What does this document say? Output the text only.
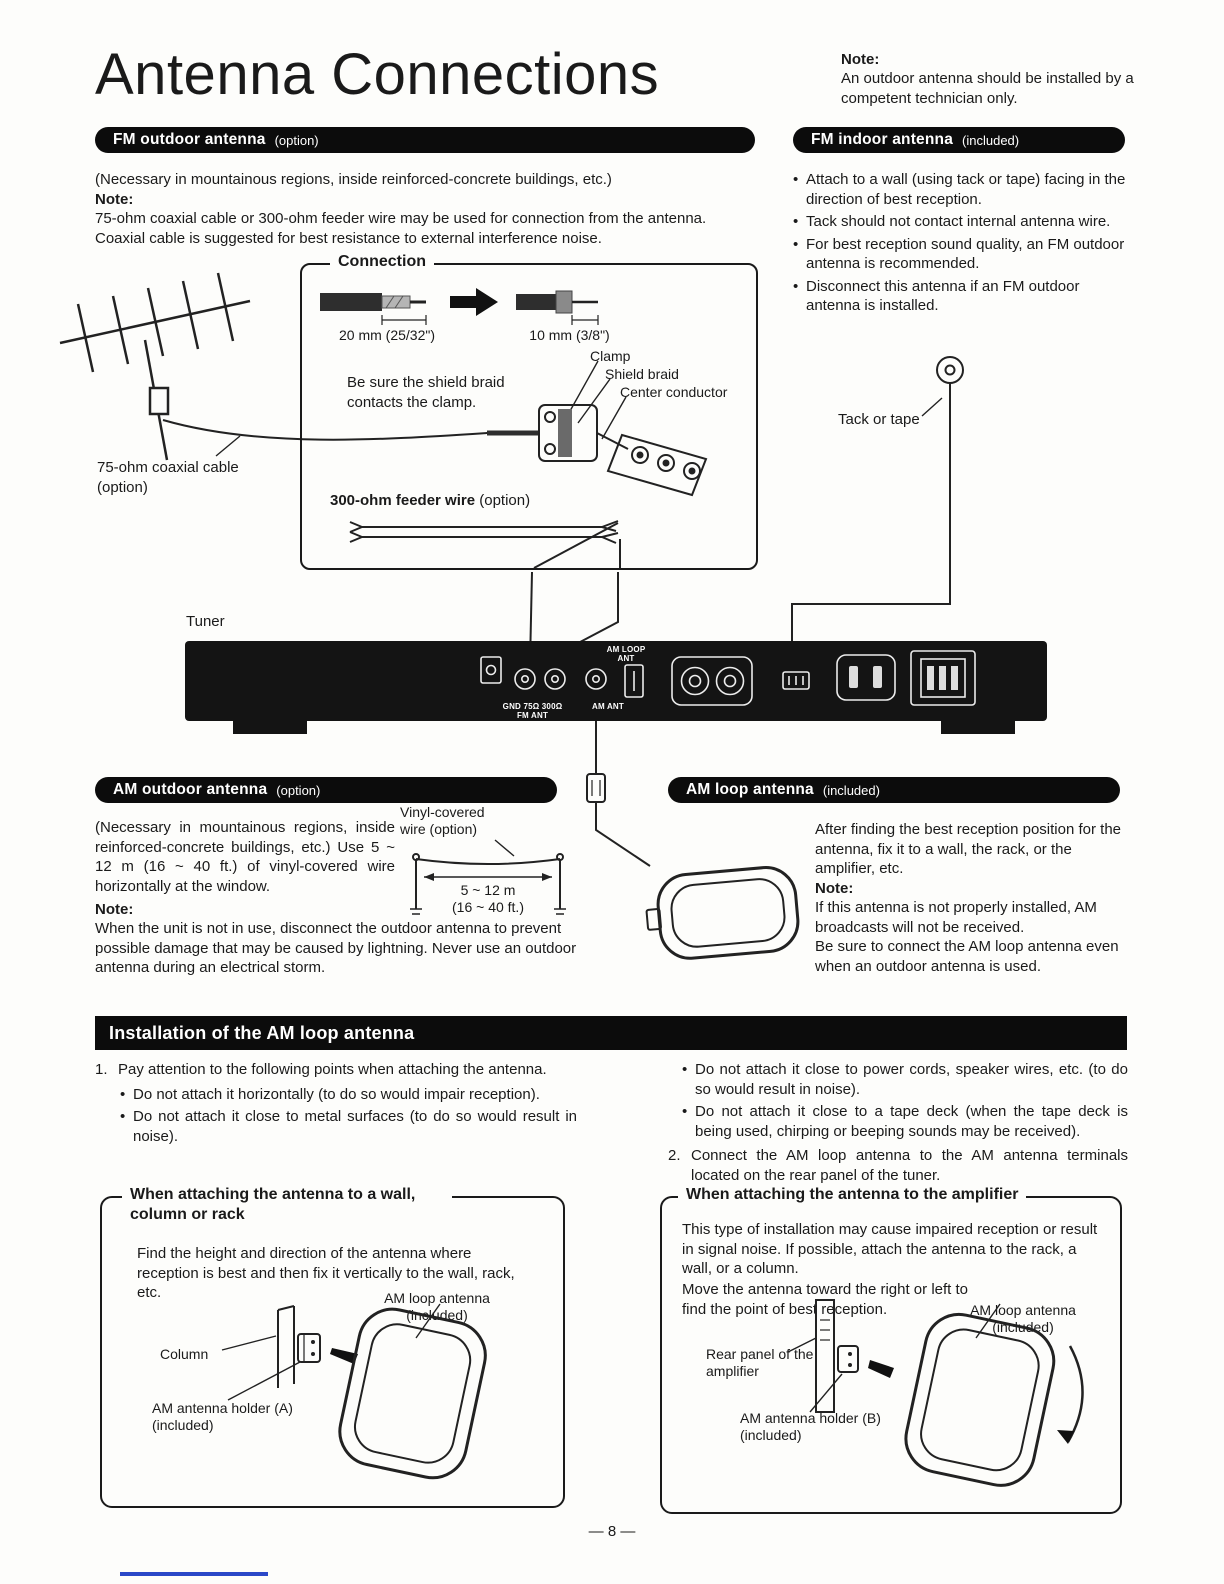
Antenna Connections	Note:
An outdoor antenna should be installed by a competent technician only.
FM outdoor antenna (option)	FM indoor antenna (included)
(Necessary in mountainous regions, inside reinforced-concrete buildings, etc.)
Note:
75-ohm coaxial cable or 300-ohm feeder wire may be used for connection from the antenna. Coaxial cable is suggested for best resistance to external interference noise.
Connection
20 mm (25/32")	10 mm (3/8")
Clamp
Shield braid
Center conductor
Be sure the shield braid contacts the clamp.
300-ohm feeder wire (option)
75-ohm coaxial cable (option)
• Attach to a wall (using tack or tape) facing in the direction of best reception.
• Tack should not contact internal antenna wire.
• For best reception sound quality, an FM outdoor antenna is recommended.
• Disconnect this antenna if an FM outdoor antenna is installed.
Tack or tape
Tuner
GND 75Ω 300Ω
FM ANT
AM ANT
AM LOOP ANT
AM outdoor antenna (option)	AM loop antenna (included)
(Necessary in mountainous regions, inside reinforced-concrete buildings, etc.) Use 5 ~ 12 m (16 ~ 40 ft.) of vinyl-covered wire horizontally at the window.
Note:
When the unit is not in use, disconnect the outdoor antenna to prevent possible damage that may be caused by lightning. Never use an outdoor antenna during an electrical storm.
Vinyl-covered wire (option)
5 ~ 12 m
(16 ~ 40 ft.)

After finding the best reception position for the antenna, fix it to a wall, the rack, or the amplifier, etc.

Note:

If this antenna is not properly installed, AM broadcasts will not be received.

Be sure to connect the AM loop antenna even when an outdoor antenna is used.

Installation of the AM loop antenna
1. Pay attention to the following points when attaching the antenna.
• Do not attach it horizontally (to do so would impair reception).
• Do not attach it close to metal surfaces (to do so would result in noise).
• Do not attach it close to power cords, speaker wires, etc. (to do so would result in noise).
• Do not attach it close to a tape deck (when the tape deck is being used, chirping or beeping sounds may be received).
2. Connect the AM loop antenna to the AM antenna terminals located on the rear panel of the tuner.
When attaching the antenna to a wall, column or rack
Find the height and direction of the antenna where reception is best and then fix it vertically to the wall, rack, etc.	AM loop antenna (included)
Column
AM antenna holder (A) (included)
When attaching the antenna to the amplifier
This type of installation may cause impaired reception or result in signal noise. If possible, attach the antenna to the rack, a wall, or a column.
Move the antenna toward the right or left to find the point of best reception.	AM loop antenna (included)
Rear panel of the amplifier
AM antenna holder (B) (included)
— 8 —
